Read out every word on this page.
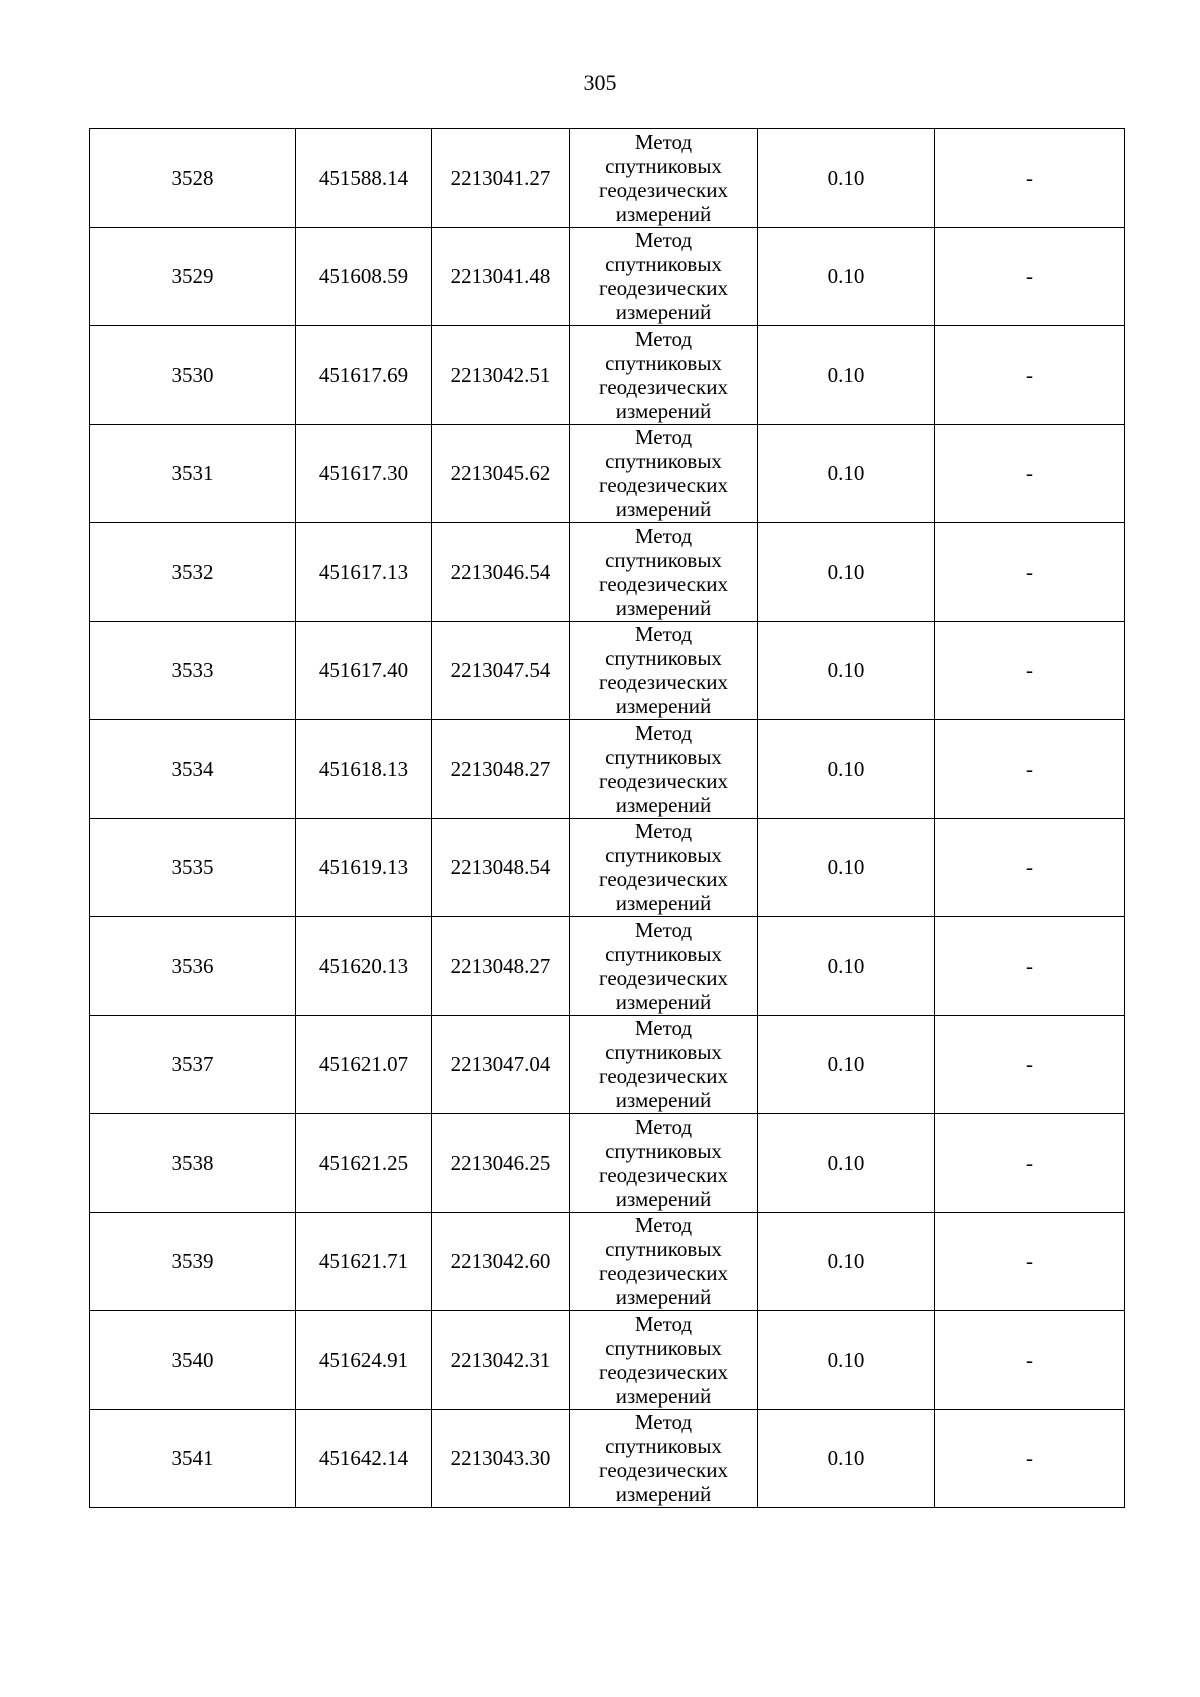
305
3528	451588.14	2213041.27	Метод
спутниковых
геодезических
измерений	0.10	-
3529	451608.59	2213041.48	Метод
спутниковых
геодезических
измерений	0.10	-
3530	451617.69	2213042.51	Метод
спутниковых
геодезических
измерений	0.10	-
3531	451617.30	2213045.62	Метод
спутниковых
геодезических
измерений	0.10	-
3532	451617.13	2213046.54	Метод
спутниковых
геодезических
измерений	0.10	-
3533	451617.40	2213047.54	Метод
спутниковых
геодезических
измерений	0.10	-
3534	451618.13	2213048.27	Метод
спутниковых
геодезических
измерений	0.10	-
3535	451619.13	2213048.54	Метод
спутниковых
геодезических
измерений	0.10	-
3536	451620.13	2213048.27	Метод
спутниковых
геодезических
измерений	0.10	-
3537	451621.07	2213047.04	Метод
спутниковых
геодезических
измерений	0.10	-
3538	451621.25	2213046.25	Метод
спутниковых
геодезических
измерений	0.10	-
3539	451621.71	2213042.60	Метод
спутниковых
геодезических
измерений	0.10	-
3540	451624.91	2213042.31	Метод
спутниковых
геодезических
измерений	0.10	-
3541	451642.14	2213043.30	Метод
спутниковых
геодезических
измерений	0.10	-
